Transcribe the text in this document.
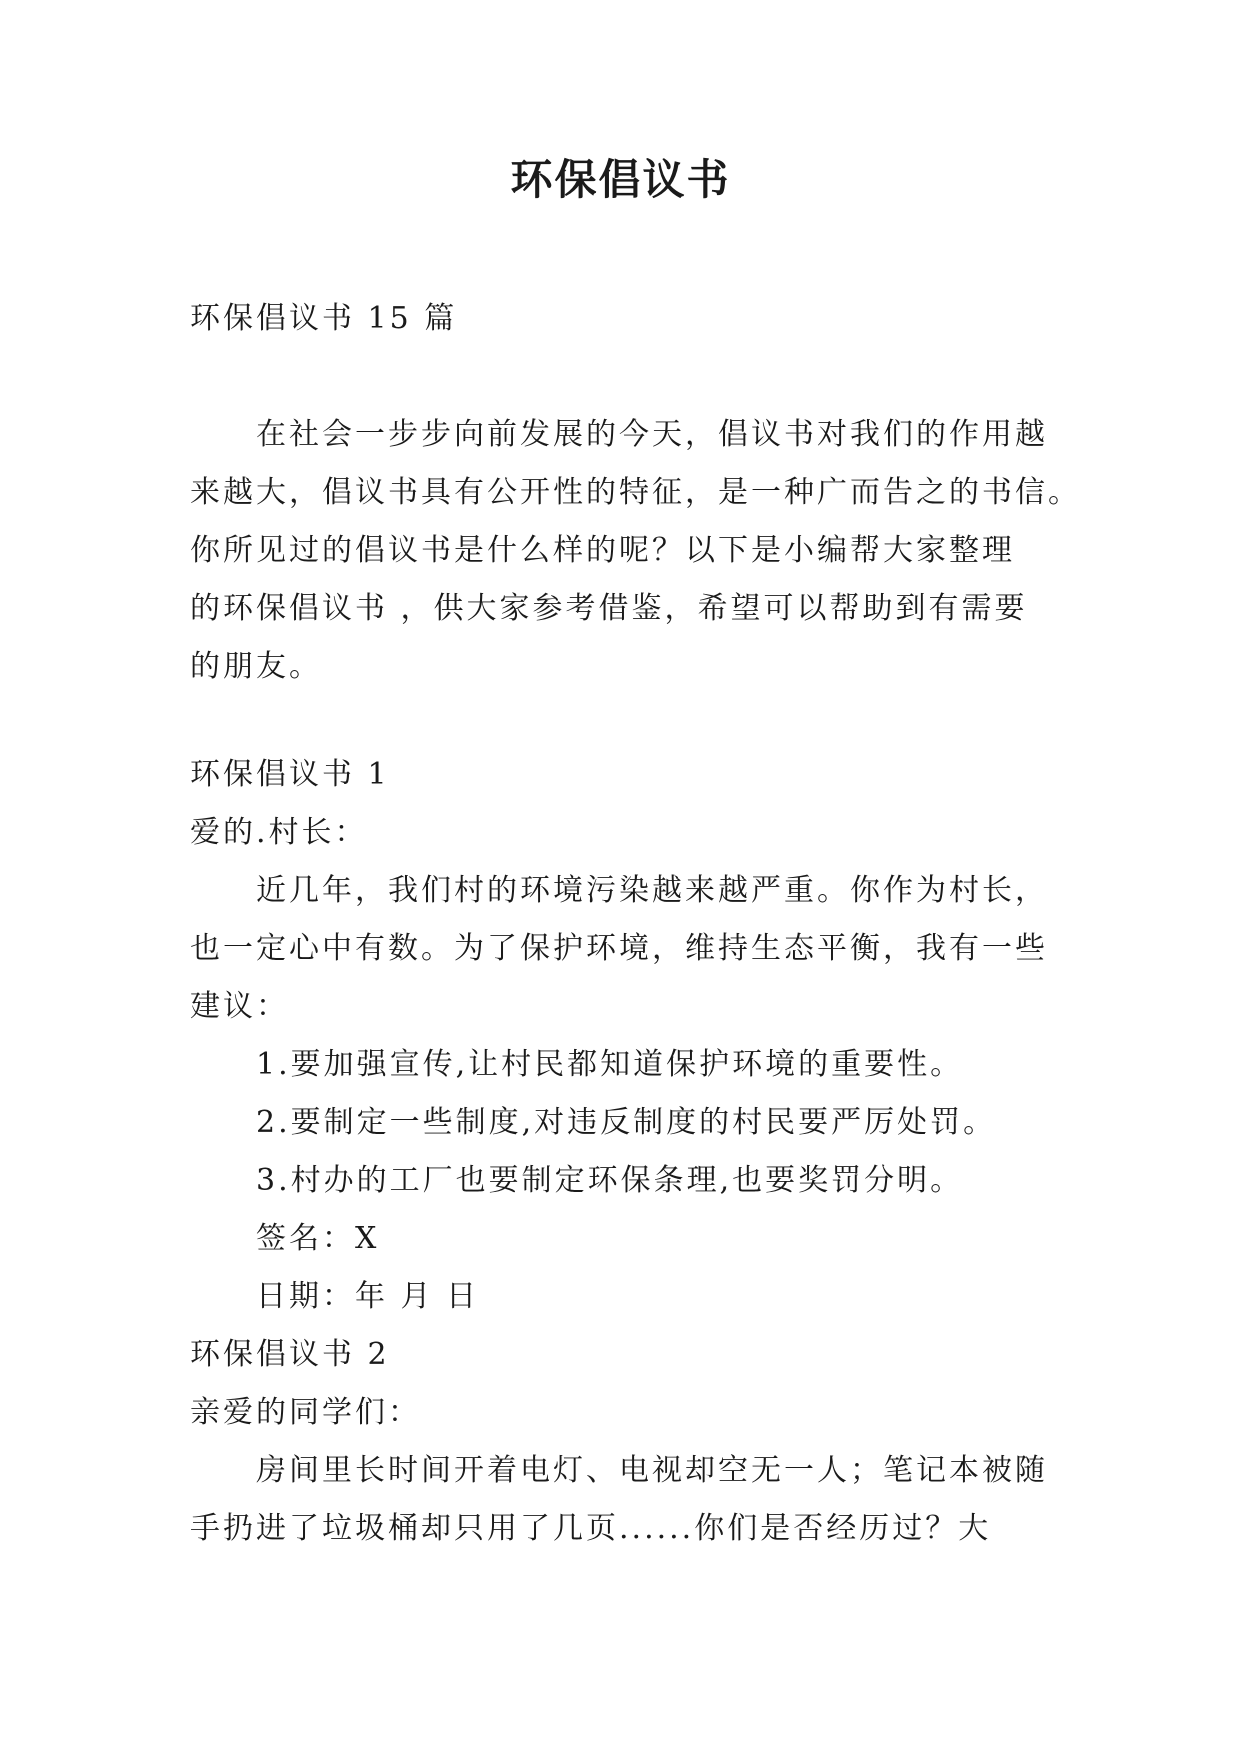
环保倡议书

环保倡议书 15 篇

在社会一步步向前发展的今天，倡议书对我们的作用越

来越大，倡议书具有公开性的特征，是一种广而告之的书信。

你所见过的倡议书是什么样的呢？以下是小编帮大家整理

的环保倡议书 ，供大家参考借鉴，希望可以帮助到有需要

的朋友。

环保倡议书 1

爱的.村长：

近几年，我们村的环境污染越来越严重。你作为村长，

也一定心中有数。为了保护环境，维持生态平衡，我有一些

建议：

1.要加强宣传,让村民都知道保护环境的重要性。

2.要制定一些制度,对违反制度的村民要严厉处罚。

3.村办的工厂也要制定环保条理,也要奖罚分明。

签名：X

日期：年 月 日

环保倡议书 2

亲爱的同学们：

房间里长时间开着电灯、电视却空无一人；笔记本被随

手扔进了垃圾桶却只用了几页......你们是否经历过？大
